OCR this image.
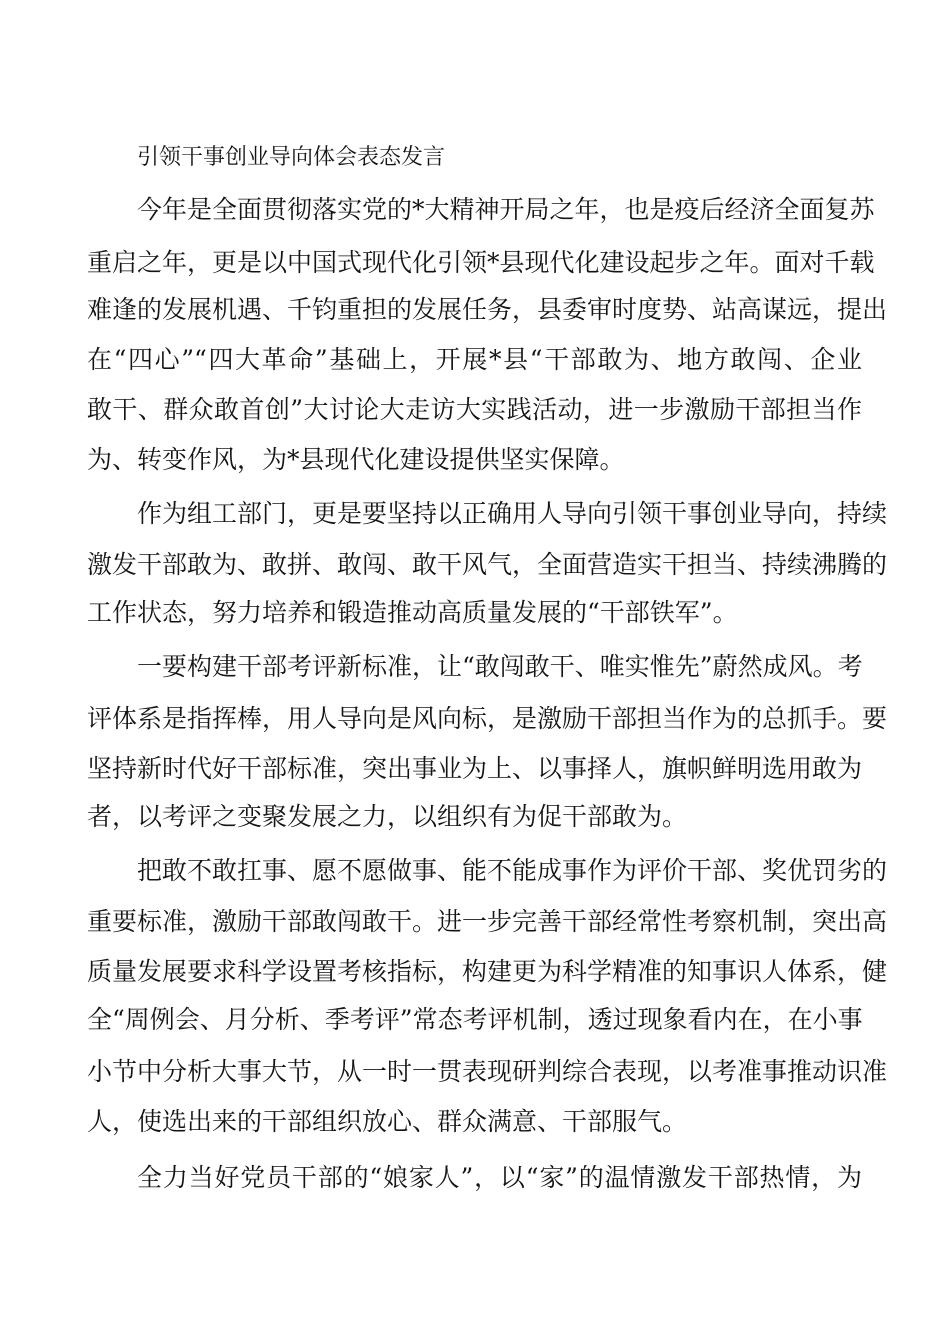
引领干事创业导向体会表态发言
今年是全面贯彻落实党的*大精神开局之年，也是疫后经济全面复苏
重启之年，更是以中国式现代化引领*县现代化建设起步之年。面对千载
难逢的发展机遇、千钧重担的发展任务，县委审时度势、站高谋远，提出
在“四心”“四大革命”基础上，开展*县“干部敢为、地方敢闯、企业
敢干、群众敢首创”大讨论大走访大实践活动，进一步激励干部担当作
为、转变作风，为*县现代化建设提供坚实保障。
作为组工部门，更是要坚持以正确用人导向引领干事创业导向，持续
激发干部敢为、敢拼、敢闯、敢干风气，全面营造实干担当、持续沸腾的
工作状态，努力培养和锻造推动高质量发展的“干部铁军”。
一要构建干部考评新标准，让“敢闯敢干、唯实惟先”蔚然成风。考
评体系是指挥棒，用人导向是风向标，是激励干部担当作为的总抓手。要
坚持新时代好干部标准，突出事业为上、以事择人，旗帜鲜明选用敢为
者，以考评之变聚发展之力，以组织有为促干部敢为。
把敢不敢扛事、愿不愿做事、能不能成事作为评价干部、奖优罚劣的
重要标准，激励干部敢闯敢干。进一步完善干部经常性考察机制，突出高
质量发展要求科学设置考核指标，构建更为科学精准的知事识人体系，健
全“周例会、月分析、季考评”常态考评机制，透过现象看内在，在小事
小节中分析大事大节，从一时一贯表现研判综合表现，以考准事推动识准
人，使选出来的干部组织放心、群众满意、干部服气。
全力当好党员干部的“娘家人”，以“家”的温情激发干部热情，为
